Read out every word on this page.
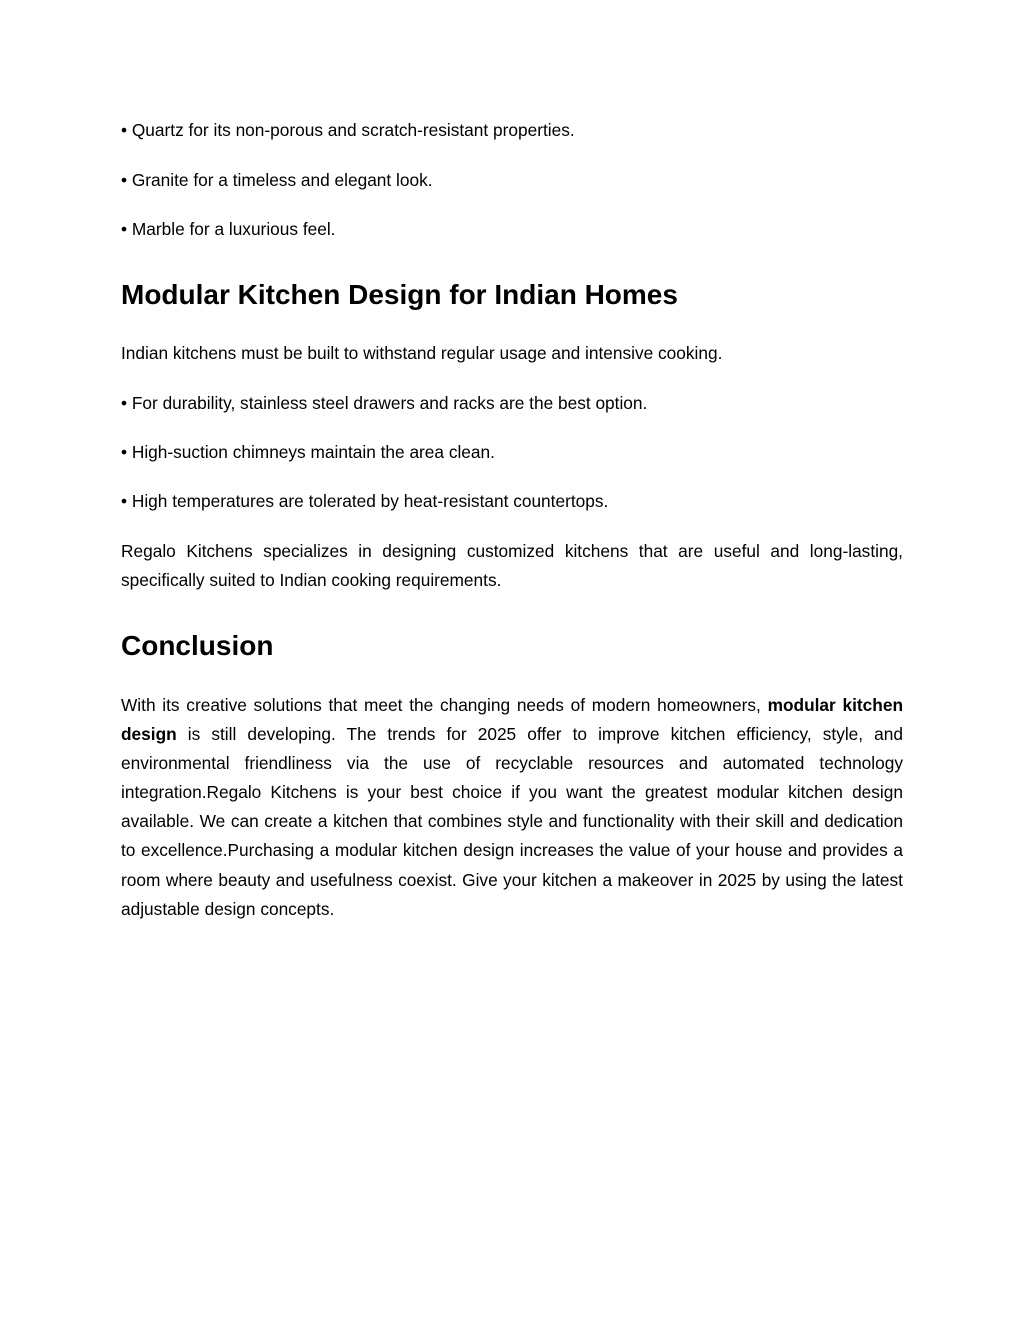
• Quartz for its non-porous and scratch-resistant properties.

• Granite for a timeless and elegant look.

• Marble for a luxurious feel.

Modular Kitchen Design for Indian Homes

Indian kitchens must be built to withstand regular usage and intensive cooking.

• For durability, stainless steel drawers and racks are the best option.

• High-suction chimneys maintain the area clean.

• High temperatures are tolerated by heat-resistant countertops.

Regalo Kitchens specializes in designing customized kitchens that are useful and long-lasting, specifically suited to Indian cooking requirements.

Conclusion

With its creative solutions that meet the changing needs of modern homeowners, modular kitchen design is still developing. The trends for 2025 offer to improve kitchen efficiency, style, and environmental friendliness via the use of recyclable resources and automated technology integration.Regalo Kitchens is your best choice if you want the greatest modular kitchen design available. We can create a kitchen that combines style and functionality with their skill and dedication to excellence.Purchasing a modular kitchen design increases the value of your house and provides a room where beauty and usefulness coexist. Give your kitchen a makeover in 2025 by using the latest adjustable design concepts.
